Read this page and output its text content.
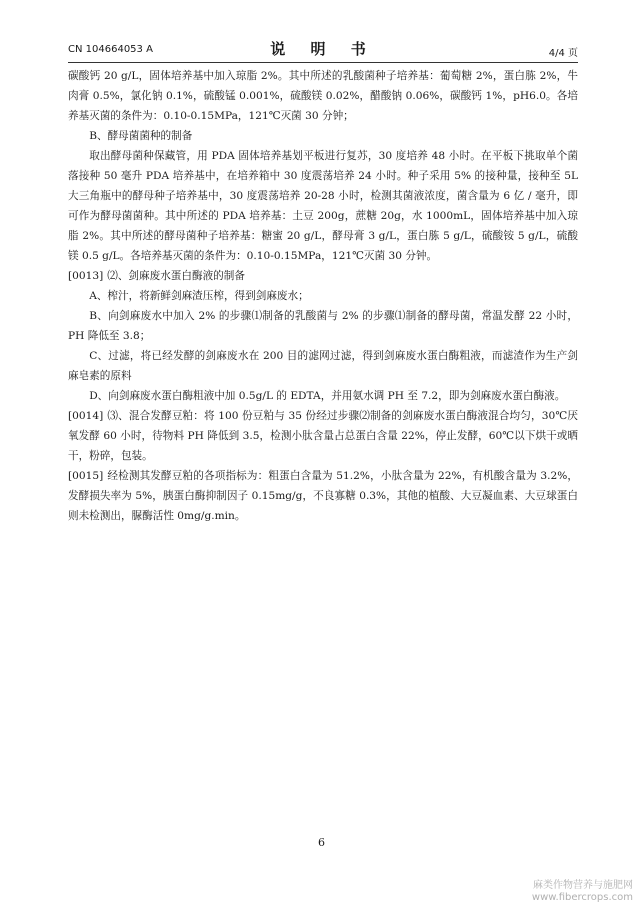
CN 104664053 A	说 明 书	4/4 页

碳酸钙 20 g/L，固体培养基中加入琼脂 2%。其中所述的乳酸菌种子培养基：葡萄糖 2%，蛋白胨 2%，牛肉膏 0.5%，氯化钠 0.1%，硫酸锰 0.001%，硫酸镁 0.02%，醋酸钠 0.06%，碳酸钙 1%，pH6.0。各培养基灭菌的条件为：0.10-0.15MPa，121℃灭菌 30 分钟；

B、酵母菌菌种的制备

取出酵母菌种保藏管，用 PDA 固体培养基划平板进行复苏，30 度培养 48 小时。在平板下挑取单个菌落接种 50 毫升 PDA 培养基中，在培养箱中 30 度震荡培养 24 小时。种子采用 5% 的接种量，接种至 5L 大三角瓶中的酵母种子培养基中，30 度震荡培养 20-28 小时，检测其菌液浓度，菌含量为 6 亿 / 毫升，即可作为酵母菌菌种。其中所述的 PDA 培养基：土豆 200g，蔗糖 20g，水 1000mL，固体培养基中加入琼脂 2%。其中所述的酵母菌种子培养基：糖蜜 20 g/L，酵母膏 3 g/L，蛋白胨 5 g/L，硫酸铵 5 g/L，硫酸镁 0.5 g/L。各培养基灭菌的条件为：0.10-0.15MPa，121℃灭菌 30 分钟。

[0013] ⑵、剑麻废水蛋白酶液的制备

A、榨汁，将新鲜剑麻渣压榨，得到剑麻废水；

B、向剑麻废水中加入 2% 的步骤⑴制备的乳酸菌与 2% 的步骤⑴制备的酵母菌，常温发酵 22 小时，PH 降低至 3.8；

C、过滤，将已经发酵的剑麻废水在 200 目的滤网过滤，得到剑麻废水蛋白酶粗液，而滤渣作为生产剑麻皂素的原料

D、向剑麻废水蛋白酶粗液中加 0.5g/L 的 EDTA，并用氨水调 PH 至 7.2，即为剑麻废水蛋白酶液。

[0014] ⑶、混合发酵豆粕：将 100 份豆粕与 35 份经过步骤⑵制备的剑麻废水蛋白酶液混合均匀，30℃厌氧发酵 60 小时，待物料 PH 降低到 3.5，检测小肽含量占总蛋白含量 22%，停止发酵，60℃以下烘干或晒干，粉碎，包装。

[0015] 经检测其发酵豆粕的各项指标为：粗蛋白含量为 51.2%，小肽含量为 22%，有机酸含量为 3.2%，发酵损失率为 5%，胰蛋白酶抑制因子 0.15mg/g，不良寡糖 0.3%，其他的植酸、大豆凝血素、大豆球蛋白则未检测出，脲酶活性 0mg/g.min。

6
麻类作物营养与施肥网
www.fibercrops.com
